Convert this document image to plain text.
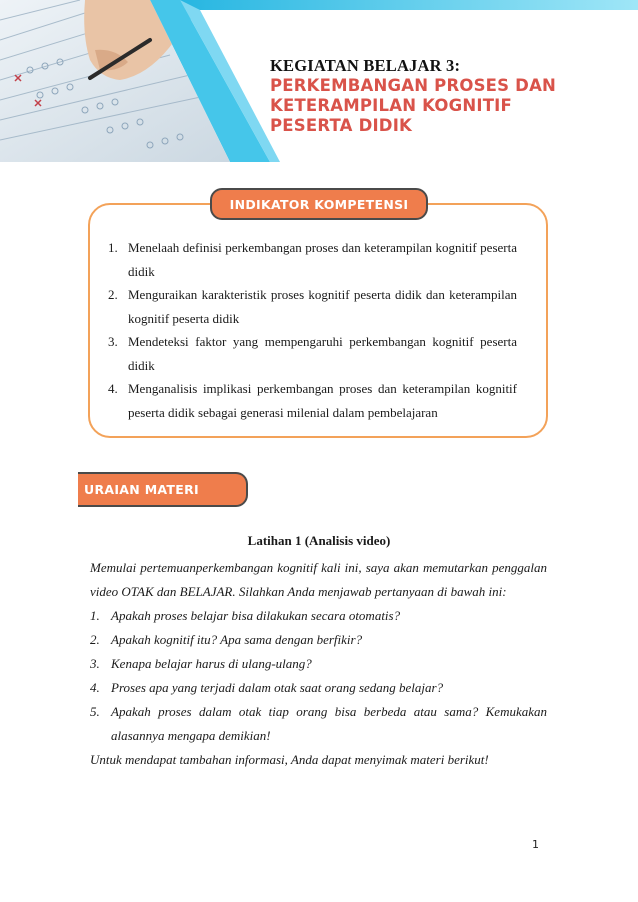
KEGIATAN BELAJAR 3:
PERKEMBANGAN PROSES DAN KETERAMPILAN KOGNITIF PESERTA DIDIK
INDIKATOR KOMPETENSI
1. Menelaah definisi perkembangan proses dan keterampilan kognitif peserta didik
2. Menguraikan karakteristik proses kognitif peserta didik dan keterampilan kognitif peserta didik
3. Mendeteksi faktor yang mempengaruhi perkembangan kognitif peserta didik
4. Menganalisis implikasi perkembangan proses dan keterampilan kognitif peserta didik sebagai generasi milenial dalam pembelajaran
URAIAN MATERI
Latihan 1 (Analisis video)

Memulai pertemuanperkembangan kognitif kali ini, saya akan memutarkan penggalan video OTAK dan BELAJAR. Silahkan Anda menjawab pertanyaan di bawah ini:

1. Apakah proses belajar bisa dilakukan secara otomatis?
2. Apakah kognitif itu? Apa sama dengan berfikir?
3. Kenapa belajar harus di ulang-ulang?
4. Proses apa yang terjadi dalam otak saat orang sedang belajar?
5. Apakah proses dalam otak tiap orang bisa berbeda atau sama? Kemukakan alasannya mengapa demikian!

Untuk mendapat tambahan informasi, Anda dapat menyimak materi berikut!

1
